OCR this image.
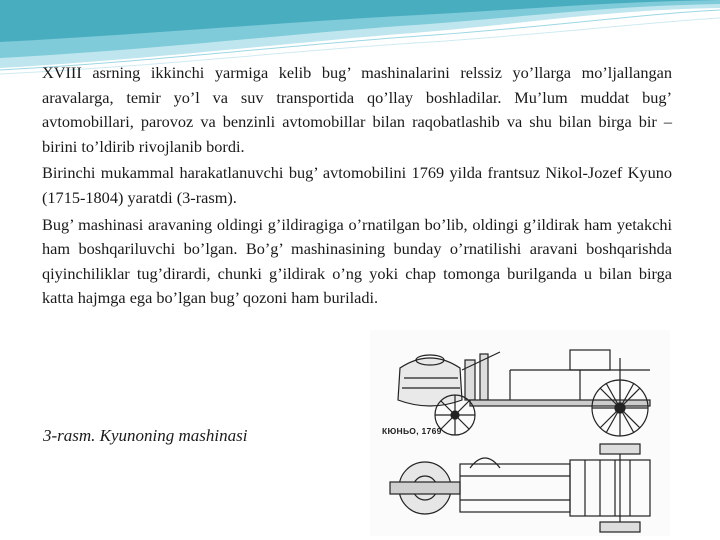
XVIII asrning ikkinchi yarmiga kelib bug’ mashinalarini relssiz yo’llarga mo’ljallangan aravalarga, temir yo’l va suv transportida qo’llay boshladilar. Mu’lum muddat bug’ avtomobillari, parovoz va benzinli avtomobillar bilan raqobatlashib va shu bilan birga bir – birini to’ldirib rivojlanib bordi.

Birinchi mukammal harakatlanuvchi bug’ avtomobilini 1769 yilda frantsuz Nikol-Jozef Kyuno (1715-1804) yaratdi (3-rasm).

Bug’ mashinasi aravaning oldingi g’ildiragiga o’rnatilgan bo’lib, oldingi g’ildirak ham yetakchi ham boshqariluvchi bo’lgan. Bo’g’ mashinasining bunday o’rnatilishi aravani boshqarishda qiyinchiliklar tug’dirardi, chunki g’ildirak o’ng yoki chap tomonga burilganda u bilan birga katta hajmga ega bo’lgan bug’ qozoni ham buriladi.

3-rasm. Kyunoning mashinasi	КЮНЬО, 1769
